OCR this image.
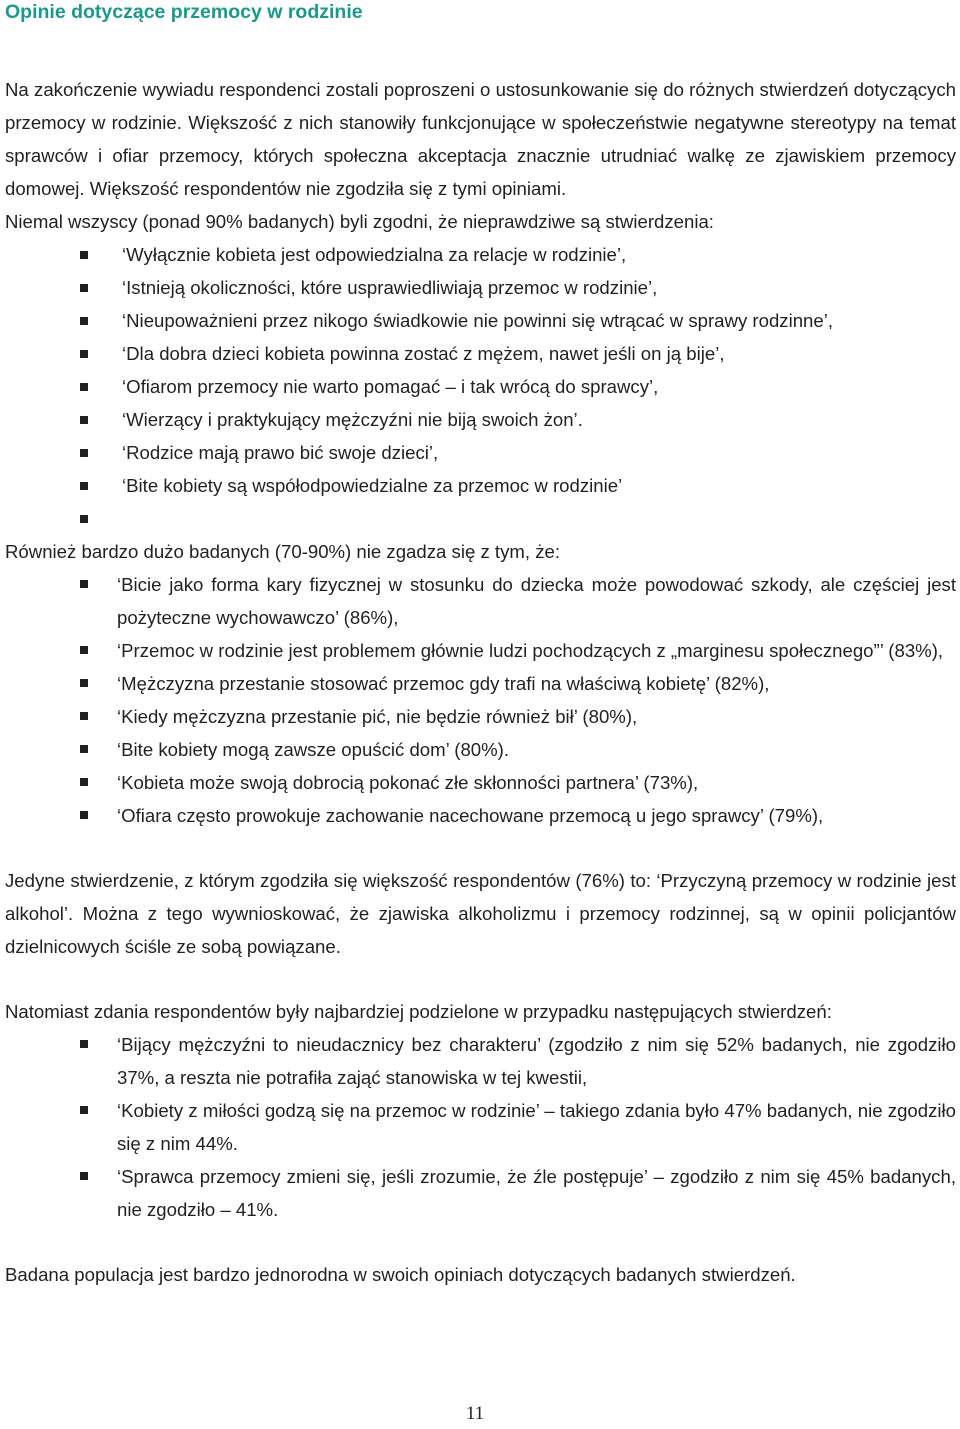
Opinie dotyczące przemocy w rodzinie

Na zakończenie wywiadu respondenci zostali poproszeni o ustosunkowanie się do różnych stwierdzeń dotyczących przemocy w rodzinie. Większość z nich stanowiły funkcjonujące w społeczeństwie negatywne stereotypy na temat sprawców i ofiar przemocy, których społeczna akceptacja znacznie utrudniać walkę ze zjawiskiem przemocy domowej. Większość respondentów nie zgodziła się z tymi opiniami.

Niemal wszyscy (ponad 90% badanych) byli zgodni, że nieprawdziwe są stwierdzenia:

‘Wyłącznie kobieta jest odpowiedzialna za relacje w rodzinie’,
‘Istnieją okoliczności, które usprawiedliwiają przemoc w rodzinie’,
‘Nieupoważnieni przez nikogo świadkowie nie powinni się wtrącać w sprawy rodzinne’,
‘Dla dobra dzieci kobieta powinna zostać z mężem, nawet jeśli on ją bije’,
‘Ofiarom przemocy nie warto pomagać – i tak wrócą do sprawcy’,
‘Wierzący i praktykujący mężczyźni nie biją swoich żon’.
‘Rodzice mają prawo bić swoje dzieci’,
‘Bite kobiety są współodpowiedzialne za przemoc w rodzinie’

Również bardzo dużo badanych (70-90%) nie zgadza się z tym, że:

‘Bicie jako forma kary fizycznej w stosunku do dziecka może powodować szkody, ale częściej jest pożyteczne wychowawczo’ (86%),
‘Przemoc w rodzinie jest problemem głównie ludzi pochodzących z „marginesu społecznego”’ (83%),
‘Mężczyzna przestanie stosować przemoc gdy trafi na właściwą kobietę’ (82%),
‘Kiedy mężczyzna przestanie pić, nie będzie również bił’ (80%),
‘Bite kobiety mogą zawsze opuścić dom’ (80%).
‘Kobieta może swoją dobrocią pokonać złe skłonności partnera’ (73%),
‘Ofiara często prowokuje zachowanie nacechowane przemocą u jego sprawcy’ (79%),

Jedyne stwierdzenie, z którym zgodziła się większość respondentów (76%) to: ‘Przyczyną przemocy w rodzinie jest alkohol’. Można z tego wywnioskować, że zjawiska alkoholizmu i przemocy rodzinnej, są w opinii policjantów dzielnicowych ściśle ze sobą powiązane.

Natomiast zdania respondentów były najbardziej podzielone w przypadku następujących stwierdzeń:

‘Bijący mężczyźni to nieudacznicy bez charakteru’ (zgodziło z nim się 52% badanych, nie zgodziło 37%, a reszta nie potrafiła zająć stanowiska w tej kwestii,
‘Kobiety z miłości godzą się na przemoc w rodzinie’ – takiego zdania było 47% badanych, nie zgodziło się z nim 44%.
‘Sprawca przemocy zmieni się, jeśli zrozumie, że źle postępuje’ – zgodziło z nim się 45% badanych, nie zgodziło – 41%.

Badana populacja jest bardzo jednorodna w swoich opiniach dotyczących badanych stwierdzeń.

11
